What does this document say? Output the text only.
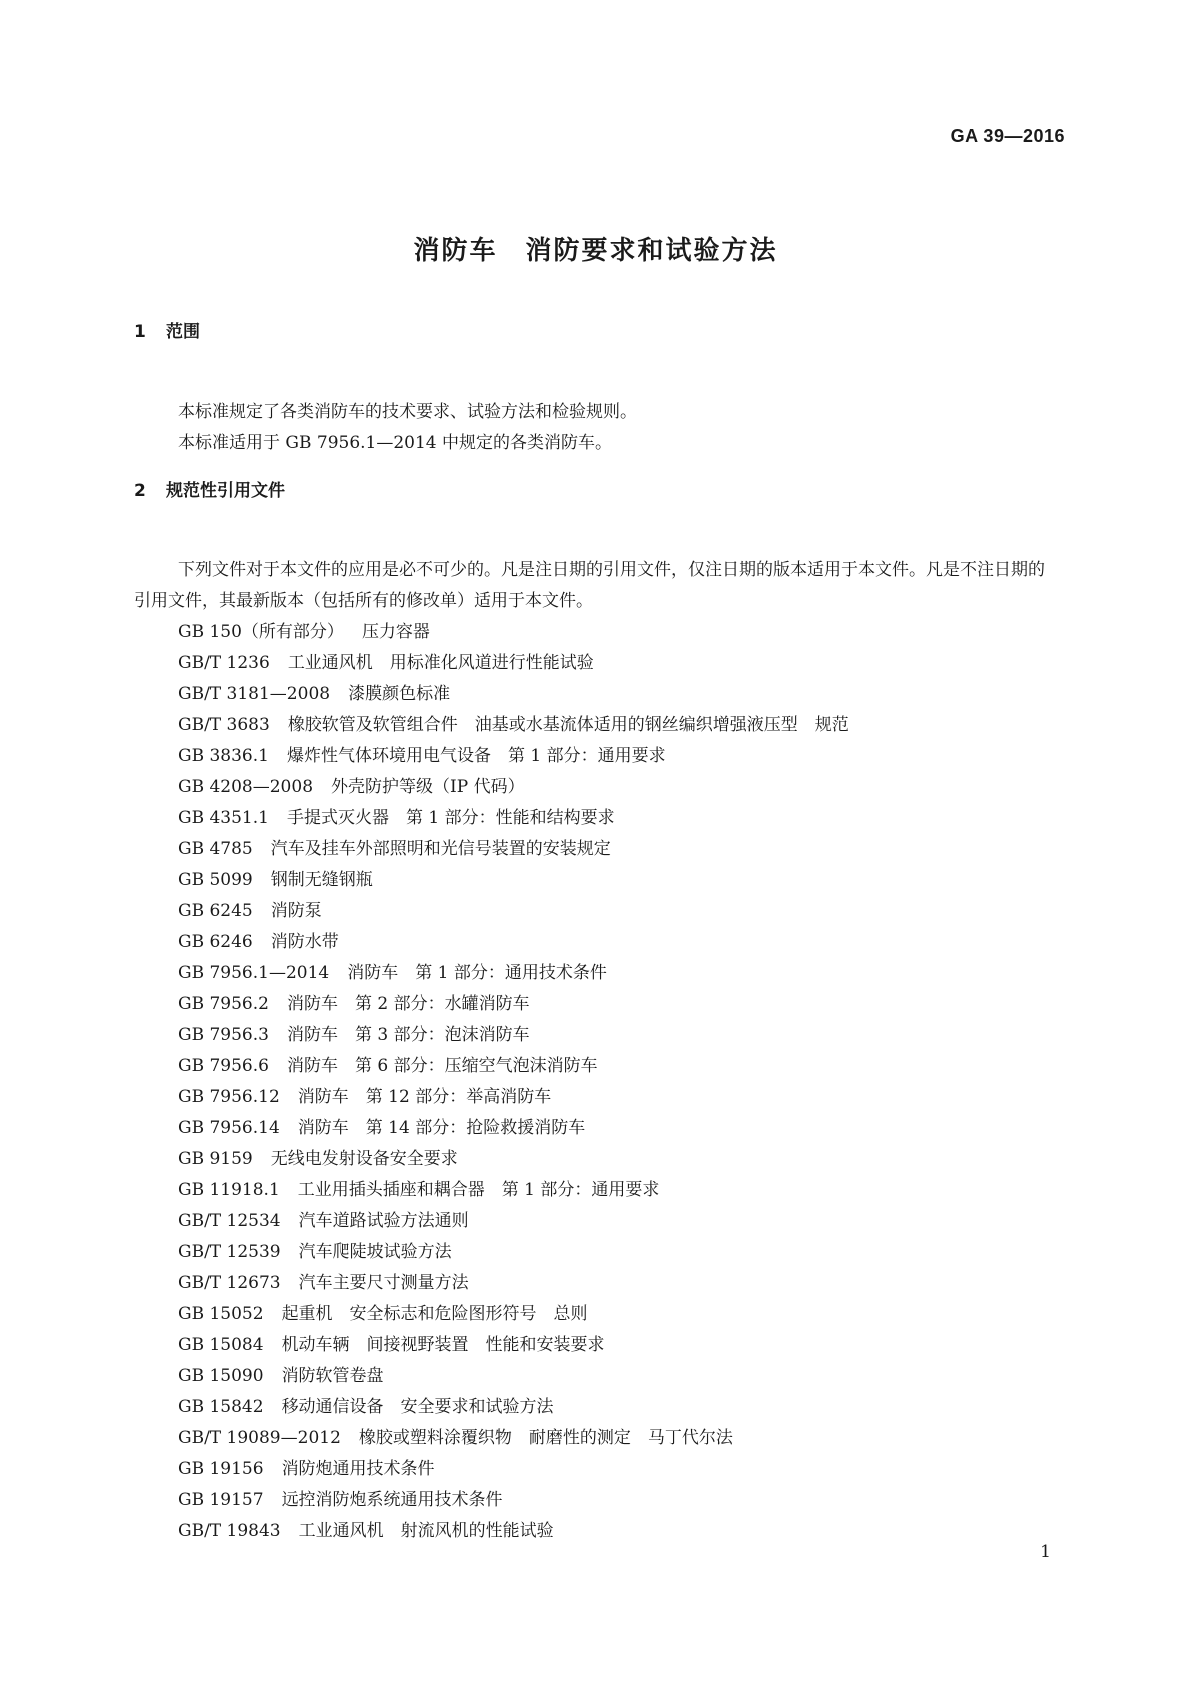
GA 39—2016
消防车　消防要求和试验方法
1 范围

本标准规定了各类消防车的技术要求、试验方法和检验规则。

本标准适用于 GB 7956.1—2014 中规定的各类消防车。

2 规范性引用文件

下列文件对于本文件的应用是必不可少的。凡是注日期的引用文件，仅注日期的版本适用于本文件。凡是不注日期的引用文件，其最新版本（包括所有的修改单）适用于本文件。

GB 150（所有部分） 压力容器
GB/T 1236 工业通风机　用标准化风道进行性能试验
GB/T 3181—2008 漆膜颜色标准
GB/T 3683 橡胶软管及软管组合件　油基或水基流体适用的钢丝编织增强液压型　规范
GB 3836.1 爆炸性气体环境用电气设备　第 1 部分：通用要求
GB 4208—2008 外壳防护等级（IP 代码）
GB 4351.1 手提式灭火器　第 1 部分：性能和结构要求
GB 4785 汽车及挂车外部照明和光信号装置的安装规定
GB 5099 钢制无缝钢瓶
GB 6245 消防泵
GB 6246 消防水带
GB 7956.1—2014 消防车　第 1 部分：通用技术条件
GB 7956.2 消防车　第 2 部分：水罐消防车
GB 7956.3 消防车　第 3 部分：泡沫消防车
GB 7956.6 消防车　第 6 部分：压缩空气泡沫消防车
GB 7956.12 消防车　第 12 部分：举高消防车
GB 7956.14 消防车　第 14 部分：抢险救援消防车
GB 9159 无线电发射设备安全要求
GB 11918.1 工业用插头插座和耦合器　第 1 部分：通用要求
GB/T 12534 汽车道路试验方法通则
GB/T 12539 汽车爬陡坡试验方法
GB/T 12673 汽车主要尺寸测量方法
GB 15052 起重机　安全标志和危险图形符号　总则
GB 15084 机动车辆　间接视野装置　性能和安装要求
GB 15090 消防软管卷盘
GB 15842 移动通信设备　安全要求和试验方法
GB/T 19089—2012 橡胶或塑料涂覆织物　耐磨性的测定　马丁代尔法
GB 19156 消防炮通用技术条件
GB 19157 远控消防炮系统通用技术条件
GB/T 19843 工业通风机　射流风机的性能试验
1
